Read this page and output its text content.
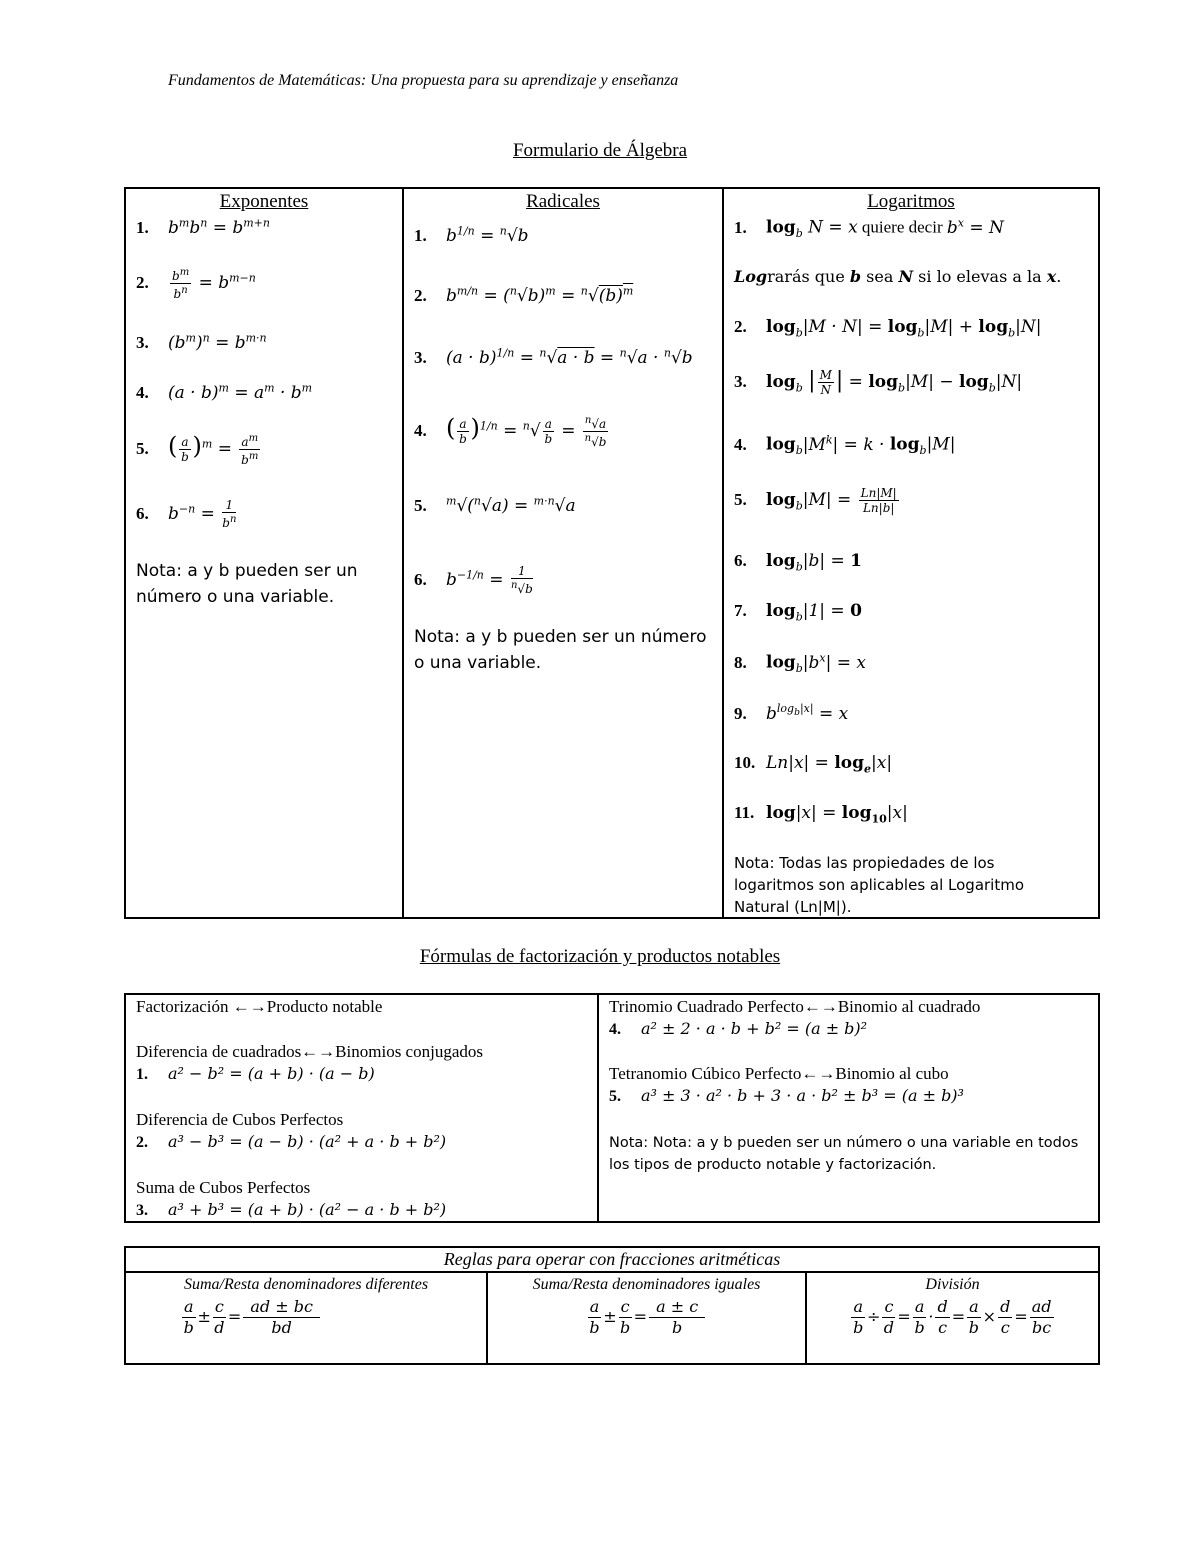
Fundamentos de Matemáticas: Una propuesta para su aprendizaje y enseñanza
Formulario de Álgebra
Exponentes	Radicales	Logaritmos
1. $b^mb^n = b^{m+n}$
2. $\frac{b^m}{b^n} = b^{m-n}$
3. $(b^m)^n = b^{m\cdot n}$
4. $(a \cdot b)^m = a^m \cdot b^m$
5. ( $\frac{a}{b} )^m = \frac{a^m}{b^m}$
6. $b^{-n} = \frac{1}{b^n}$
Nota: a y b pueden ser un número o una variable.
1. $b^{1/n} = ^n√b$
2. $b^{m/n} = (^n√b)^m = ^n√(b)^m$
3. $(a \cdot b)^{1/n} = ^n√a \cdot b = ^n√a \cdot ^n√b$
4. ( $\frac{a}{b} )^{1/n} = ^n√ \frac{a}{b} = \frac{^n√a}{^n√b}$
5. $^m$√($^n$√a) = $^{m\cdot n}$√a
6. $b^{-1/n} = \frac{1}{^n√b}$
Nota: a y b pueden ser un número o una variable.
1. $\log_b N = x$ quiere decir $b^x = N$
Lograrás que b sea N si lo elevas a la x.
2. $\log_b|M \cdot N| = \log_b|M| + \log_b|N|$
3. $\log_b$ | $\frac{M}{N}$ | = $\log_b|M| - \log_b|N|$
4. $\log_b|M^k| = k \cdot \log_b|M|$
5. $\log_b|M| = \frac{Ln|M|}{Ln|b|}$
6. $\log_b|b| = 1$
7. $\log_b|1| = 0$
8. $\log_b|b^x| = x$
9. $b^{log_b|x|} = x$
10. $Ln|x| = \log_e|x|$
11. $\log|x| = \log_{10}|x|$
Nota: Todas las propiedades de los logaritmos son aplicables al Logaritmo Natural (Ln|M|).
Fórmulas de factorización y productos notables
Factorización ←→Producto notable
Diferencia de cuadrados←→Binomios conjugados
1. a² − b² = (a + b) · (a − b)
Diferencia de Cubos Perfectos
2. a³ − b³ = (a − b) · (a² + a · b + b²)
Suma de Cubos Perfectos
3. a³ + b³ = (a + b) · (a² − a · b + b²)
Trinomio Cuadrado Perfecto←→Binomio al cuadrado
4. a² ± 2 · a · b + b² = (a ± b)²
Tetranomio Cúbico Perfecto←→Binomio al cubo
5. a³ ± 3 · a² · b + 3 · a · b² ± b³ = (a ± b)³
Nota: Nota: a y b pueden ser un número o una variable en todos los tipos de producto notable y factorización.
Reglas para operar con fracciones aritméticas
Suma/Resta denominadores diferentes	Suma/Resta denominadores iguales	División
$\frac{a}{b} \pm \frac{c}{d} = \frac{ad \pm bc}{bd}$	$\frac{a}{b} \pm \frac{c}{b} = \frac{a \pm c}{b}$	$\frac{a}{b} \div \frac{c}{d} = \frac{a}{b} \cdot \frac{d}{c} = \frac{a}{b} \times \frac{d}{c} = \frac{ad}{bc}$
